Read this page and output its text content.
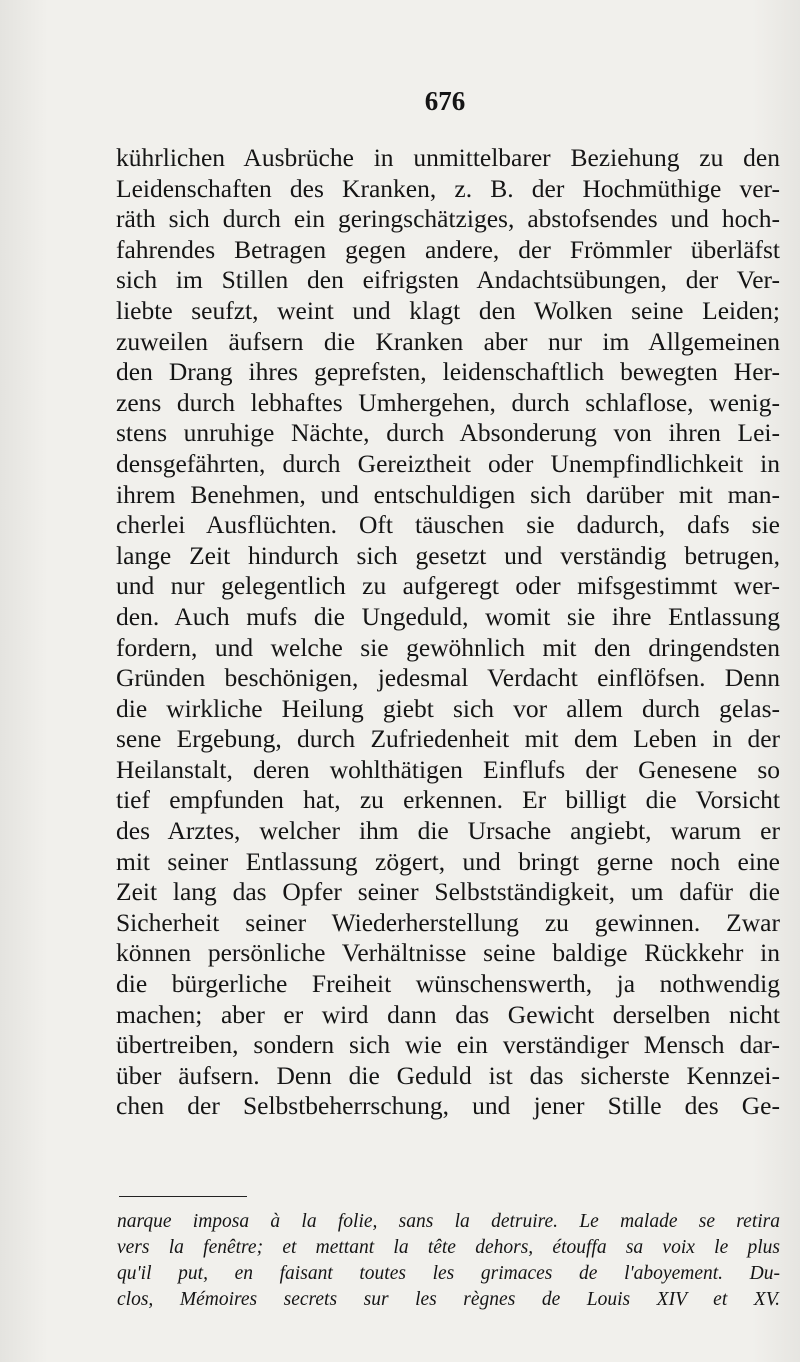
676
kührlichen Ausbrüche in unmittelbarer Beziehung zu den
Leidenschaften des Kranken, z. B. der Hochmüthige ver-
räth sich durch ein geringschätziges, abstofsendes und hoch-
fahrendes Betragen gegen andere, der Frömmler überläfst
sich im Stillen den eifrigsten Andachtsübungen, der Ver-
liebte seufzt, weint und klagt den Wolken seine Leiden;
zuweilen äufsern die Kranken aber nur im Allgemeinen
den Drang ihres geprefsten, leidenschaftlich bewegten Her-
zens durch lebhaftes Umhergehen, durch schlaflose, wenig-
stens unruhige Nächte, durch Absonderung von ihren Lei-
densgefährten, durch Gereiztheit oder Unempfindlichkeit in
ihrem Benehmen, und entschuldigen sich darüber mit man-
cherlei Ausflüchten. Oft täuschen sie dadurch, dafs sie
lange Zeit hindurch sich gesetzt und verständig betrugen,
und nur gelegentlich zu aufgeregt oder mifsgestimmt wer-
den. Auch mufs die Ungeduld, womit sie ihre Entlassung
fordern, und welche sie gewöhnlich mit den dringendsten
Gründen beschönigen, jedesmal Verdacht einflöfsen. Denn
die wirkliche Heilung giebt sich vor allem durch gelas-
sene Ergebung, durch Zufriedenheit mit dem Leben in der
Heilanstalt, deren wohlthätigen Einflufs der Genesene so
tief empfunden hat, zu erkennen. Er billigt die Vorsicht
des Arztes, welcher ihm die Ursache angiebt, warum er
mit seiner Entlassung zögert, und bringt gerne noch eine
Zeit lang das Opfer seiner Selbstständigkeit, um dafür die
Sicherheit seiner Wiederherstellung zu gewinnen. Zwar
können persönliche Verhältnisse seine baldige Rückkehr in
die bürgerliche Freiheit wünschenswerth, ja nothwendig
machen; aber er wird dann das Gewicht derselben nicht
übertreiben, sondern sich wie ein verständiger Mensch dar-
über äufsern. Denn die Geduld ist das sicherste Kennzei-
chen der Selbstbeherrschung, und jener Stille des Ge-
narque imposa à la folie, sans la detruire. Le malade se retira
vers la fenêtre; et mettant la tête dehors, étouffa sa voix le plus
qu'il put, en faisant toutes les grimaces de l'aboyement. Du-
clos, Mémoires secrets sur les règnes de Louis XIV et XV.
